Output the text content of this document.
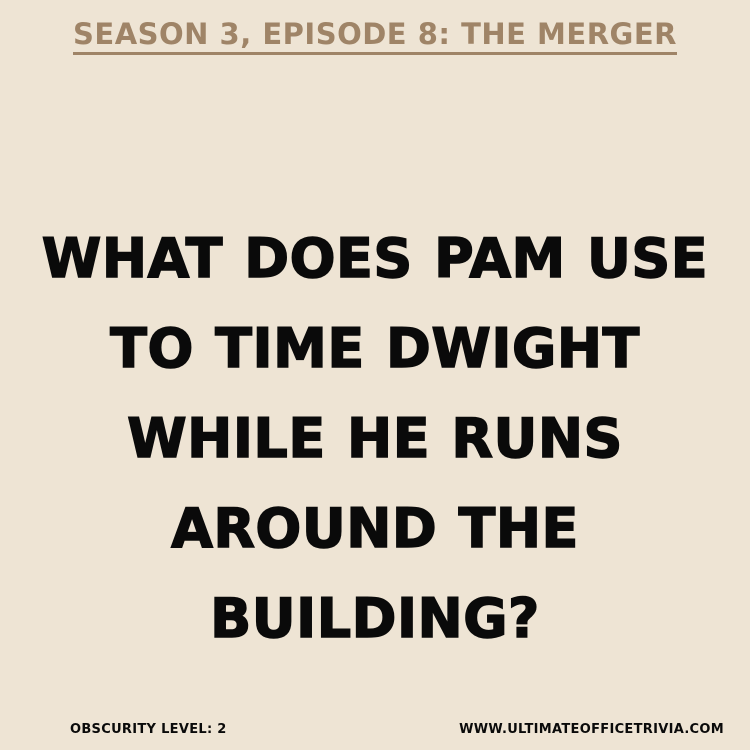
SEASON 3, EPISODE 8: THE MERGER
WHAT DOES PAM USE TO TIME DWIGHT WHILE HE RUNS AROUND THE BUILDING?
OBSCURITY LEVEL: 2	WWW.ULTIMATEOFFICETRIVIA.COM
